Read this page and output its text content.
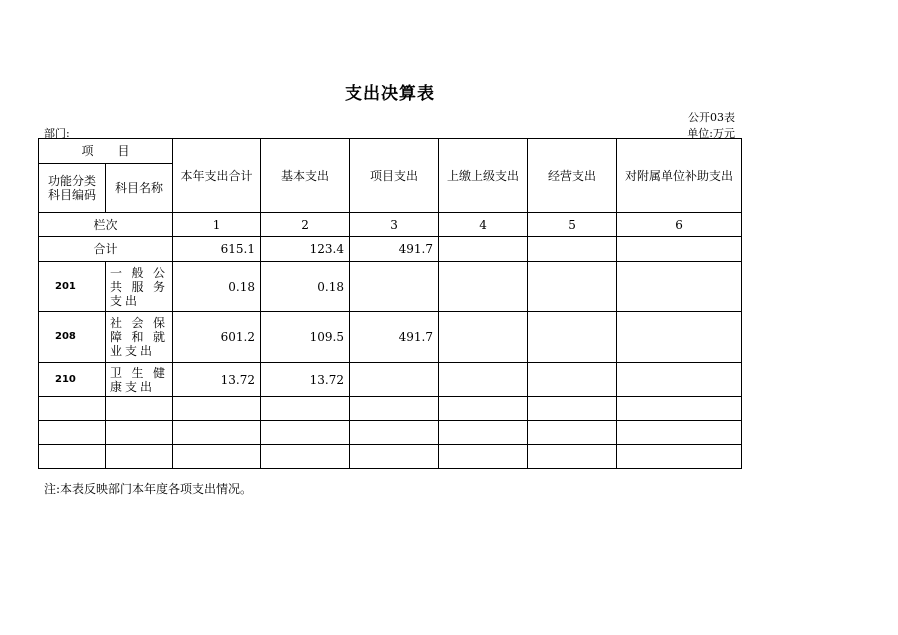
支出决算表
公开03表
部门:	单位:万元
项　　目		本年支出合计	基本支出	项目支出	上缴上级支出	经营支出	对附属单位补助支出
功能分类科目编码	科目名称						
栏次		1	2	3	4	5	6
合计		615.1	123.4	491.7			
201	一般公共服务支出	0.18	0.18				
208	社会保障和就业支出	601.2	109.5	491.7			
210	卫生健康支出	13.72	13.72				

注:本表反映部门本年度各项支出情况。
